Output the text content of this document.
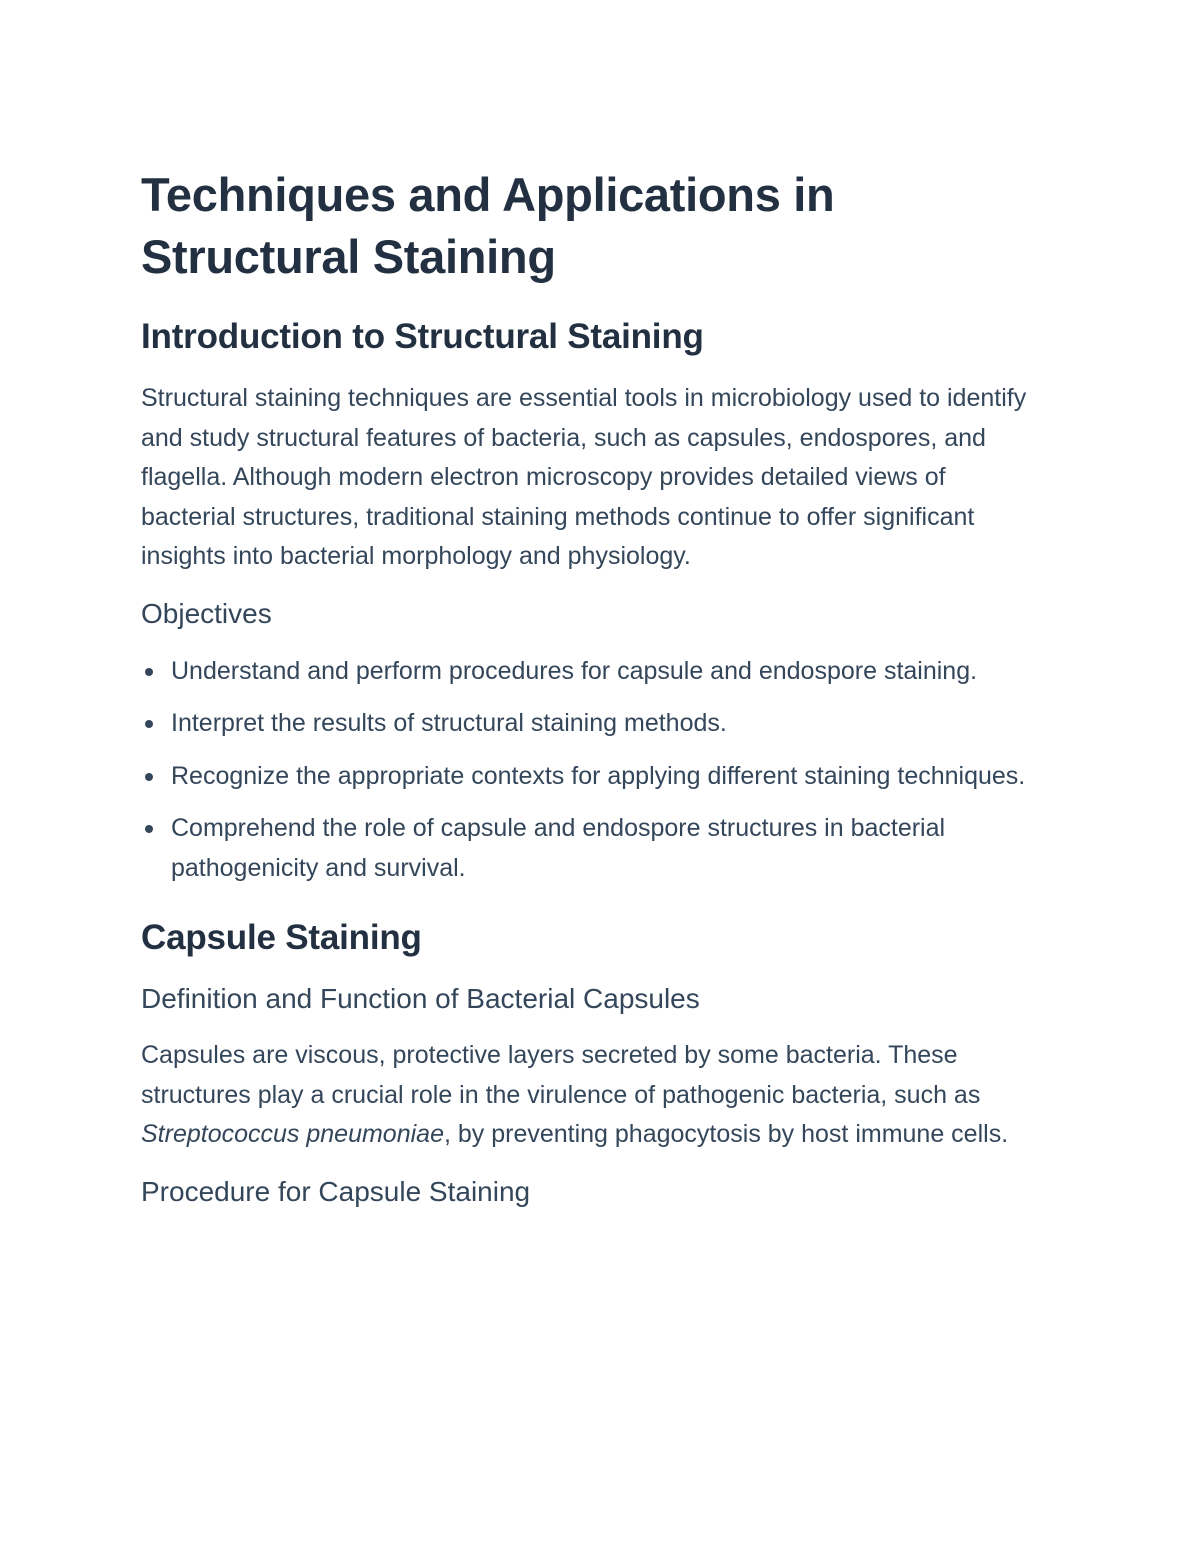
Techniques and Applications in Structural Staining
Introduction to Structural Staining

Structural staining techniques are essential tools in microbiology used to identify and study structural features of bacteria, such as capsules, endospores, and flagella. Although modern electron microscopy provides detailed views of bacterial structures, traditional staining methods continue to offer significant insights into bacterial morphology and physiology.

Objectives
Understand and perform procedures for capsule and endospore staining.
Interpret the results of structural staining methods.
Recognize the appropriate contexts for applying different staining techniques.
Comprehend the role of capsule and endospore structures in bacterial pathogenicity and survival.
Capsule Staining
Definition and Function of Bacterial Capsules

Capsules are viscous, protective layers secreted by some bacteria. These structures play a crucial role in the virulence of pathogenic bacteria, such as Streptococcus pneumoniae, by preventing phagocytosis by host immune cells.

Procedure for Capsule Staining
